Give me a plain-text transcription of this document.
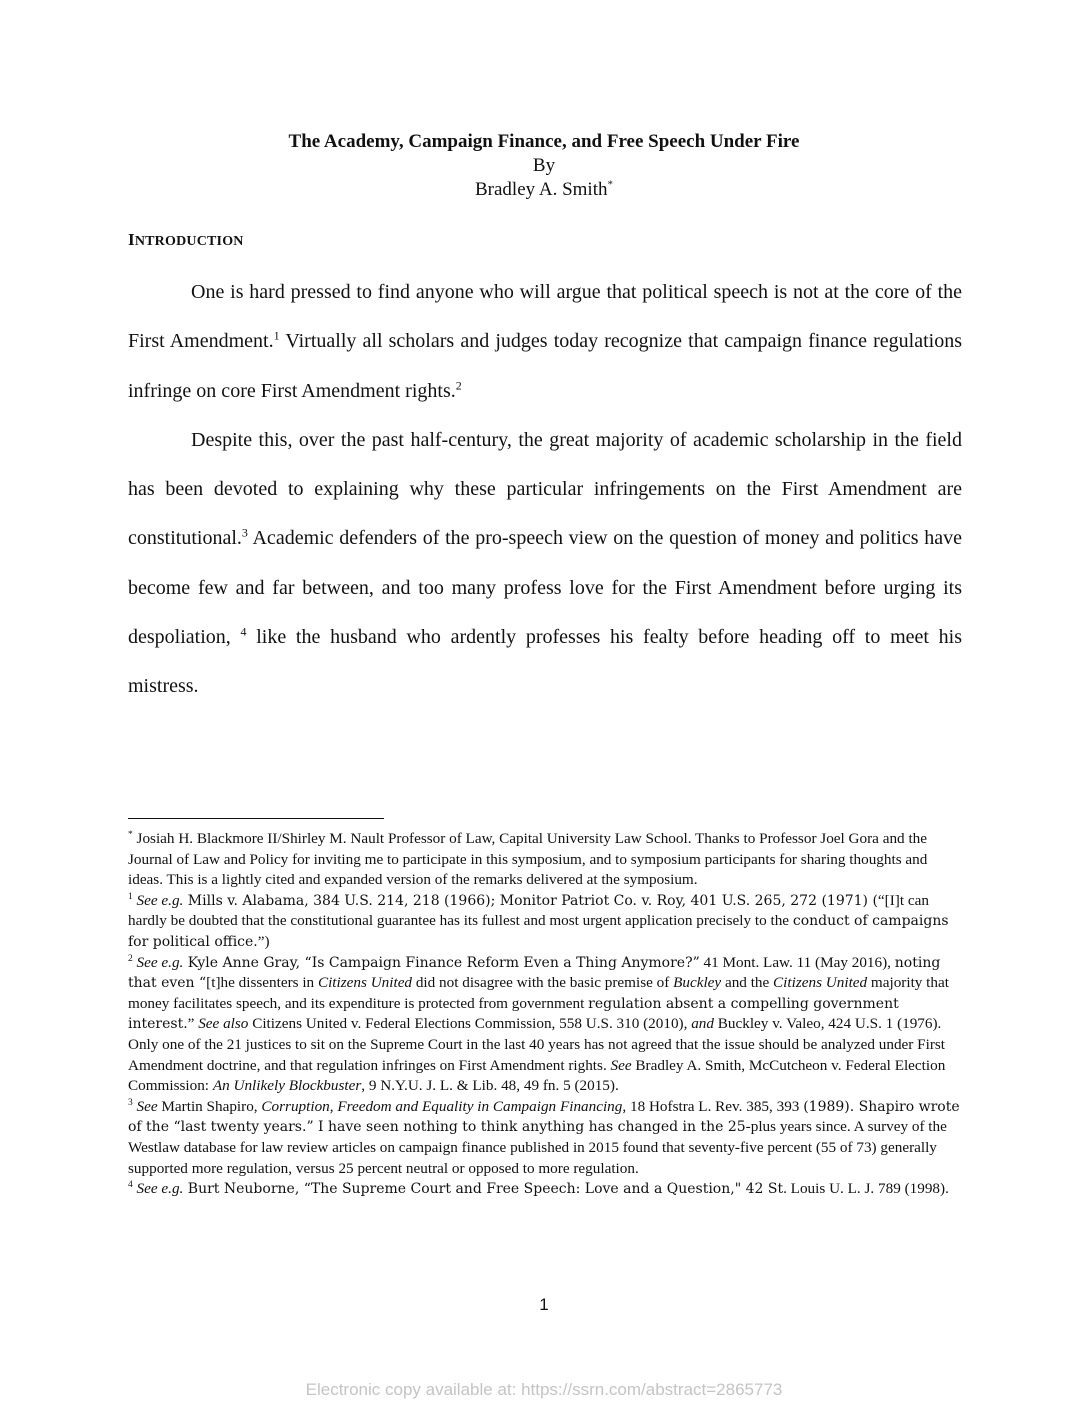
The Academy, Campaign Finance, and Free Speech Under Fire
By
Bradley A. Smith*
INTRODUCTION

One is hard pressed to find anyone who will argue that political speech is not at the core of the First Amendment.$^1$ Virtually all scholars and judges today recognize that campaign finance regulations infringe on core First Amendment rights.$^2$

Despite this, over the past half-century, the great majority of academic scholarship in the field has been devoted to explaining why these particular infringements on the First Amendment are constitutional.$^3$ Academic defenders of the pro-speech view on the question of money and politics have become few and far between, and too many profess love for the First Amendment before urging its despoliation, $^4$ like the husband who ardently professes his fealty before heading off to meet his mistress.

* Josiah H. Blackmore II/Shirley M. Nault Professor of Law, Capital University Law School. Thanks to Professor Joel Gora and the Journal of Law and Policy for inviting me to participate in this symposium, and to symposium participants for sharing thoughts and ideas. This is a lightly cited and expanded version of the remarks delivered at the symposium.

$^1$ See e.g. Mills v. Alabama, 384 U.S. 214, 218 (1966); Monitor Patriot Co. v. Roy, 401 U.S. 265, 272 (1971) (“[I]t can hardly be doubted that the constitutional guarantee has its fullest and most urgent application precisely to the conduct of campaigns for political office.”)

$^2$ See e.g. Kyle Anne Gray, “Is Campaign Finance Reform Even a Thing Anymore?” 41 Mont. Law. 11 (May 2016), noting that even “[t]he dissenters in Citizens United did not disagree with the basic premise of Buckley and the Citizens United majority that money facilitates speech, and its expenditure is protected from government regulation absent a compelling government interest.” See also Citizens United v. Federal Elections Commission, 558 U.S. 310 (2010), and Buckley v. Valeo, 424 U.S. 1 (1976). Only one of the 21 justices to sit on the Supreme Court in the last 40 years has not agreed that the issue should be analyzed under First Amendment doctrine, and that regulation infringes on First Amendment rights. See Bradley A. Smith, McCutcheon v. Federal Election Commission: An Unlikely Blockbuster, 9 N.Y.U. J. L. & Lib. 48, 49 fn. 5 (2015).

$^3$ See Martin Shapiro, Corruption, Freedom and Equality in Campaign Financing, 18 Hofstra L. Rev. 385, 393 (1989). Shapiro wrote of the “last twenty years.” I have seen nothing to think anything has changed in the 25-plus years since. A survey of the Westlaw database for law review articles on campaign finance published in 2015 found that seventy-five percent (55 of 73) generally supported more regulation, versus 25 percent neutral or opposed to more regulation.

$^4$ See e.g. Burt Neuborne, “The Supreme Court and Free Speech: Love and a Question," 42 St. Louis U. L. J. 789 (1998).

1
Electronic copy available at: https://ssrn.com/abstract=2865773
